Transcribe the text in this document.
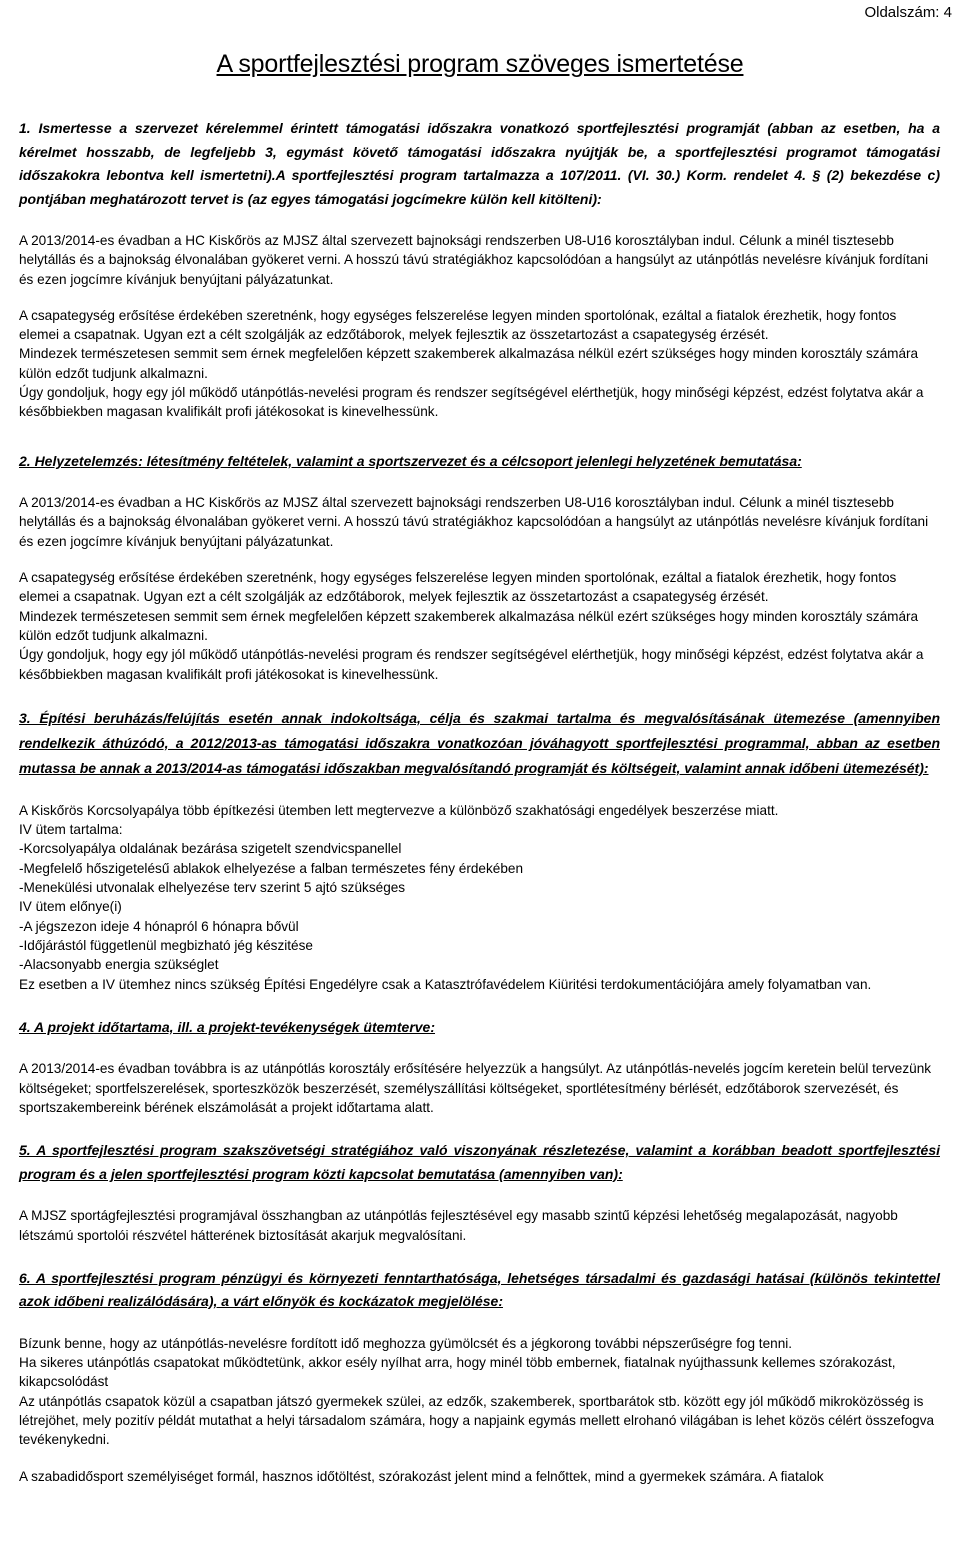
Oldalszám: 4
A sportfejlesztési program szöveges ismertetése

1. Ismertesse a szervezet kérelemmel érintett támogatási időszakra vonatkozó sportfejlesztési programját (abban az esetben, ha a kérelmet hosszabb, de legfeljebb 3, egymást követő támogatási időszakra nyújtják be, a sportfejlesztési programot támogatási időszakokra lebontva kell ismertetni).A sportfejlesztési program tartalmazza a 107/2011. (VI. 30.) Korm. rendelet 4. § (2) bekezdése c) pontjában meghatározott tervet is (az egyes támogatási jogcímekre külön kell kitölteni):

A 2013/2014-es évadban a HC Kiskőrös az MJSZ által szervezett bajnoksági rendszerben U8-U16 korosztályban indul. Célunk a minél tisztesebb helytállás és a bajnokság élvonalában gyökeret verni. A hosszú távú stratégiákhoz kapcsolódóan a hangsúlyt az utánpótlás nevelésre kívánjuk fordítani és ezen jogcímre kívánjuk benyújtani pályázatunkat.

A csapategység erősítése érdekében szeretnénk, hogy egységes felszerelése legyen minden sportolónak, ezáltal a fiatalok érezhetik, hogy fontos elemei a csapatnak. Ugyan ezt a célt szolgálják az edzőtáborok, melyek fejlesztik az összetartozást a csapategység érzését.
Mindezek természetesen semmit sem érnek megfelelően képzett szakemberek alkalmazása nélkül ezért szükséges hogy minden korosztály számára külön edzőt tudjunk alkalmazni.
Úgy gondoljuk, hogy egy jól működő utánpótlás-nevelési program és rendszer segítségével elérthetjük, hogy minőségi képzést, edzést folytatva akár a későbbiekben magasan kvalifikált profi játékosokat is kinevelhessünk.

2. Helyzetelemzés: létesítmény feltételek, valamint a sportszervezet és a célcsoport jelenlegi helyzetének bemutatása:

A 2013/2014-es évadban a HC Kiskőrös az MJSZ által szervezett bajnoksági rendszerben U8-U16 korosztályban indul. Célunk a minél tisztesebb helytállás és a bajnokság élvonalában gyökeret verni. A hosszú távú stratégiákhoz kapcsolódóan a hangsúlyt az utánpótlás nevelésre kívánjuk fordítani és ezen jogcímre kívánjuk benyújtani pályázatunkat.

A csapategység erősítése érdekében szeretnénk, hogy egységes felszerelése legyen minden sportolónak, ezáltal a fiatalok érezhetik, hogy fontos elemei a csapatnak. Ugyan ezt a célt szolgálják az edzőtáborok, melyek fejlesztik az összetartozást a csapategység érzését.
Mindezek természetesen semmit sem érnek megfelelően képzett szakemberek alkalmazása nélkül ezért szükséges hogy minden korosztály számára külön edzőt tudjunk alkalmazni.
Úgy gondoljuk, hogy egy jól működő utánpótlás-nevelési program és rendszer segítségével elérthetjük, hogy minőségi képzést, edzést folytatva akár a későbbiekben magasan kvalifikált profi játékosokat is kinevelhessünk.

3. Építési beruházás/felújítás esetén annak indokoltsága, célja és szakmai tartalma és megvalósításának ütemezése (amennyiben rendelkezik áthúzódó, a 2012/2013-as támogatási időszakra vonatkozóan jóváhagyott sportfejlesztési programmal, abban az esetben mutassa be annak a 2013/2014-as támogatási időszakban megvalósítandó programját és költségeit, valamint annak időbeni ütemezését):

A Kiskőrös Korcsolyapálya több építkezési ütemben lett megtervezve a különböző szakhatósági engedélyek beszerzése miatt.
IV ütem tartalma:
-Korcsolyapálya oldalának bezárása szigetelt szendvicspanellel
-Megfelelő hőszigetelésű ablakok elhelyezése a falban természetes fény érdekében
-Menekülési utvonalak elhelyezése terv szerint 5 ajtó szükséges
IV ütem előnye(i)
-A jégszezon ideje 4 hónapról 6 hónapra bővül
-Időjárástól függetlenül megbizható jég készitése
-Alacsonyabb energia szükséglet
Ez esetben a IV ütemhez nincs szükség Építési Engedélyre csak a Katasztrófavédelem Kiüritési terdokumentációjára amely folyamatban van.

4. A projekt időtartama, ill. a projekt-tevékenységek ütemterve:

A 2013/2014-es évadban továbbra is az utánpótlás korosztály erősítésére helyezzük a hangsúlyt. Az utánpótlás-nevelés jogcím keretein belül tervezünk költségeket; sportfelszerelések, sporteszközök beszerzését, személyszállítási költségeket, sportlétesítmény bérlését, edzőtáborok szervezését, és sportszakembereink bérének elszámolását a projekt időtartama alatt.

5. A sportfejlesztési program szakszövetségi stratégiához való viszonyának részletezése, valamint a korábban beadott sportfejlesztési program és a jelen sportfejlesztési program közti kapcsolat bemutatása (amennyiben van):

A MJSZ sportágfejlesztési programjával összhangban az utánpótlás fejlesztésével egy masabb szintű képzési lehetőség megalapozását, nagyobb létszámú sportolói részvétel hátterének biztosítását akarjuk megvalósítani.

6. A sportfejlesztési program pénzügyi és környezeti fenntarthatósága, lehetséges társadalmi és gazdasági hatásai (különös tekintettel azok időbeni realizálódására), a várt előnyök és kockázatok megjelölése:

Bízunk benne, hogy az utánpótlás-nevelésre fordított idő meghozza gyümölcsét és a jégkorong további népszerűségre fog tenni.
Ha sikeres utánpótlás csapatokat működtetünk, akkor esély nyílhat arra, hogy minél több embernek, fiatalnak nyújthassunk kellemes szórakozást, kikapcsolódást
Az utánpótlás csapatok közül a csapatban játszó gyermekek szülei, az edzők, szakemberek, sportbarátok stb. között egy jól működő mikroközösség is létrejöhet, mely pozitív példát mutathat a helyi társadalom számára, hogy a napjaink egymás mellett elrohanó világában is lehet közös célért összefogva tevékenykedni.

A szabadidősport személyiséget formál, hasznos időtöltést, szórakozást jelent mind a felnőttek, mind a gyermekek számára. A fiatalok
